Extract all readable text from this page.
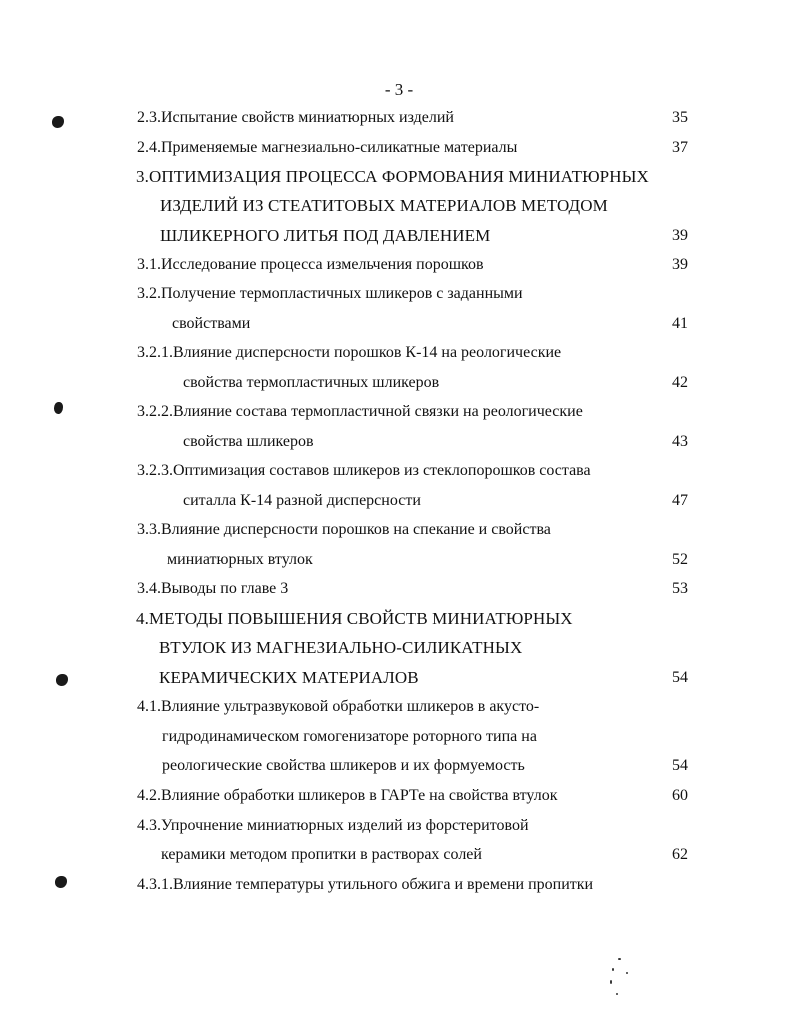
- 3 -
2.3.Испытание свойств миниатюрных изделий	35
2.4.Применяемые магнезиально-силикатные материалы	37
3.ОПТИМИЗАЦИЯ ПРОЦЕССА ФОРМОВАНИЯ МИНИАТЮРНЫХ
ИЗДЕЛИЙ ИЗ СТЕАТИТОВЫХ МАТЕРИАЛОВ МЕТОДОМ
ШЛИКЕРНОГО ЛИТЬЯ ПОД ДАВЛЕНИЕМ	39
3.1.Исследование процесса измельчения порошков	39
3.2.Получение термопластичных шликеров с заданными
свойствами	41
3.2.1.Влияние дисперсности порошков К-14 на реологические
свойства термопластичных шликеров	42
3.2.2.Влияние состава термопластичной связки на реологические
свойства шликеров	43
3.2.3.Оптимизация составов шликеров из стеклопорошков состава
ситалла К-14 разной дисперсности	47
3.3.Влияние дисперсности порошков на спекание и свойства
миниатюрных втулок	52
3.4.Выводы по главе 3	53
4.МЕТОДЫ ПОВЫШЕНИЯ СВОЙСТВ МИНИАТЮРНЫХ
ВТУЛОК ИЗ МАГНЕЗИАЛЬНО-СИЛИКАТНЫХ
КЕРАМИЧЕСКИХ МАТЕРИАЛОВ	54
4.1.Влияние ультразвуковой обработки шликеров в акусто-
гидродинамическом гомогенизаторе роторного типа на
реологические свойства шликеров и их формуемость	54
4.2.Влияние обработки шликеров в ГАРТе на свойства втулок	60
4.3.Упрочнение миниатюрных изделий из форстеритовой
керамики методом пропитки в растворах солей	62
4.3.1.Влияние температуры утильного обжига и времени пропитки
